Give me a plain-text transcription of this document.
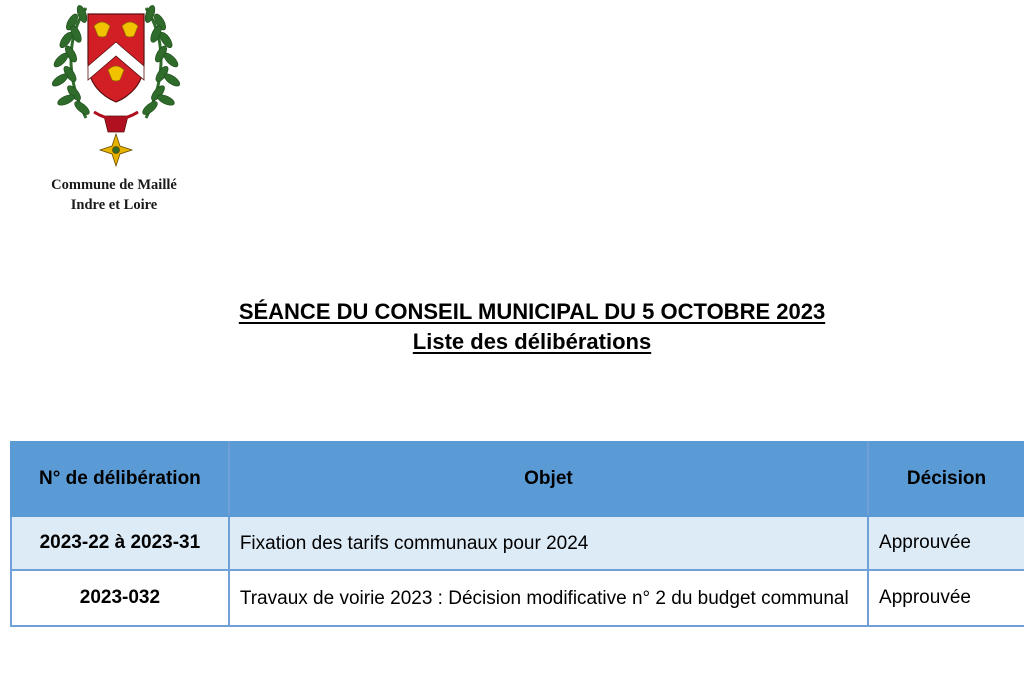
Commune de Maillé
Indre et Loire
SÉANCE DU CONSEIL MUNICIPAL DU 5 OCTOBRE 2023
Liste des délibérations
N° de délibération	Objet	Décision
2023-22 à 2023-31	Fixation des tarifs communaux pour 2024	Approuvée
2023-032	Travaux de voirie 2023 : Décision modificative n° 2 du budget communal	Approuvée
